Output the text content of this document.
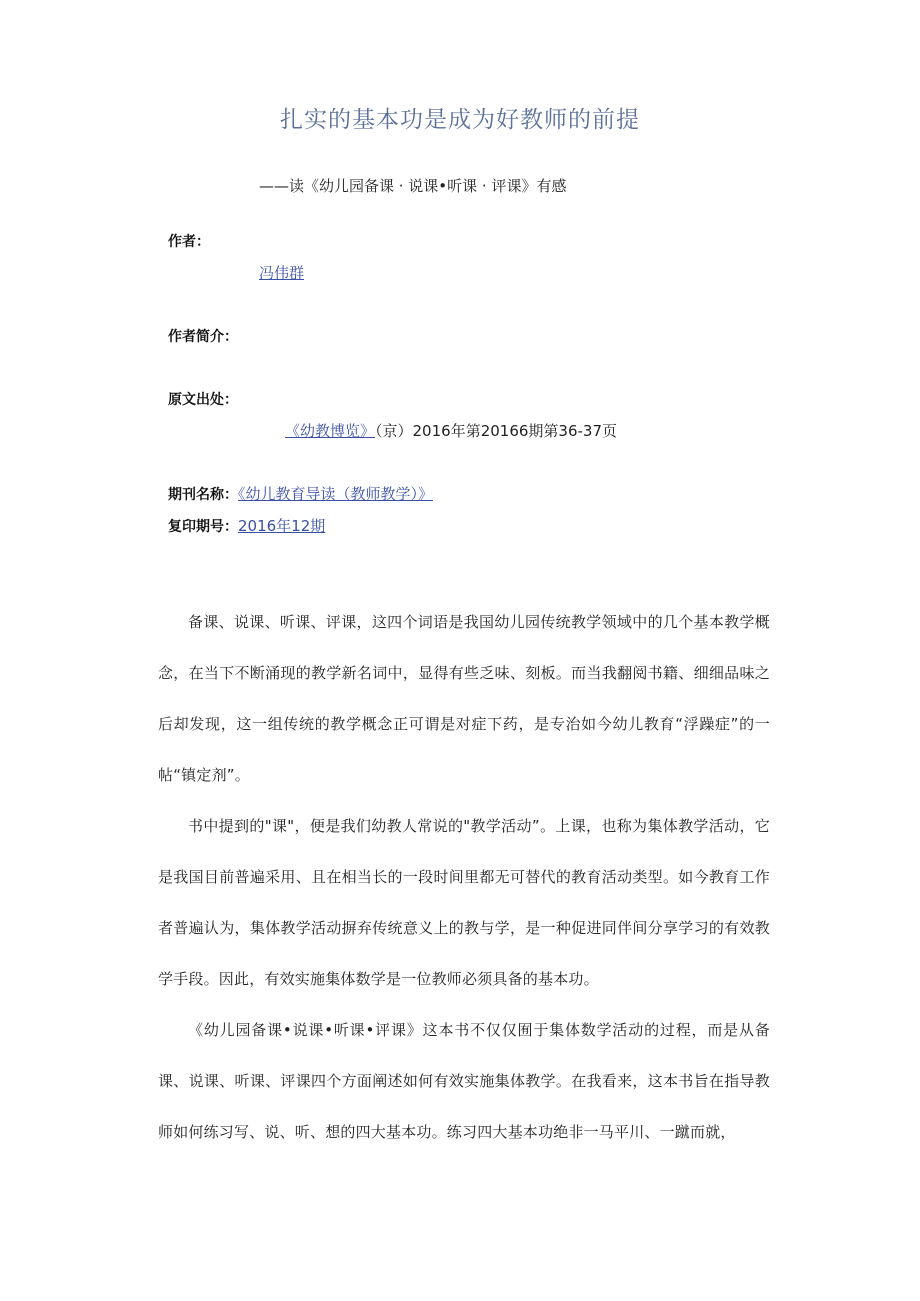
扎实的基本功是成为好教师的前提
——读《幼儿园备课 · 说课•听课 · 评课》有感
作者：
冯伟群
作者简介：
原文出处：
《幼教博览》（京）2016年第20166期第36-37页
期刊名称：《幼儿教育导读（教师教学）》
复印期号：2016年12期

备课、说课、听课、评课，这四个词语是我国幼儿园传统教学领域中的几个基本教学概念，在当下不断涌现的教学新名词中，显得有些乏味、刻板。而当我翻阅书籍、细细品味之后却发现，这一组传统的教学概念正可谓是对症下药，是专治如今幼儿教育“浮躁症”的一帖“镇定剂”。

书中提到的"课"，便是我们幼教人常说的"教学活动”。上课，也称为集体教学活动，它是我国目前普遍采用、且在相当长的一段时间里都无可替代的教育活动类型。如今教育工作者普遍认为，集体教学活动摒弃传统意义上的教与学，是一种促进同伴间分享学习的有效教学手段。因此，有效实施集体数学是一位教师必须具备的基本功。

《幼儿园备课•说课•听课•评课》这本书不仅仅囿于集体数学活动的过程，而是从备课、说课、听课、评课四个方面阐述如何有效实施集体教学。在我看来，这本书旨在指导教师如何练习写、说、听、想的四大基本功。练习四大基本功绝非一马平川、一蹴而就，
